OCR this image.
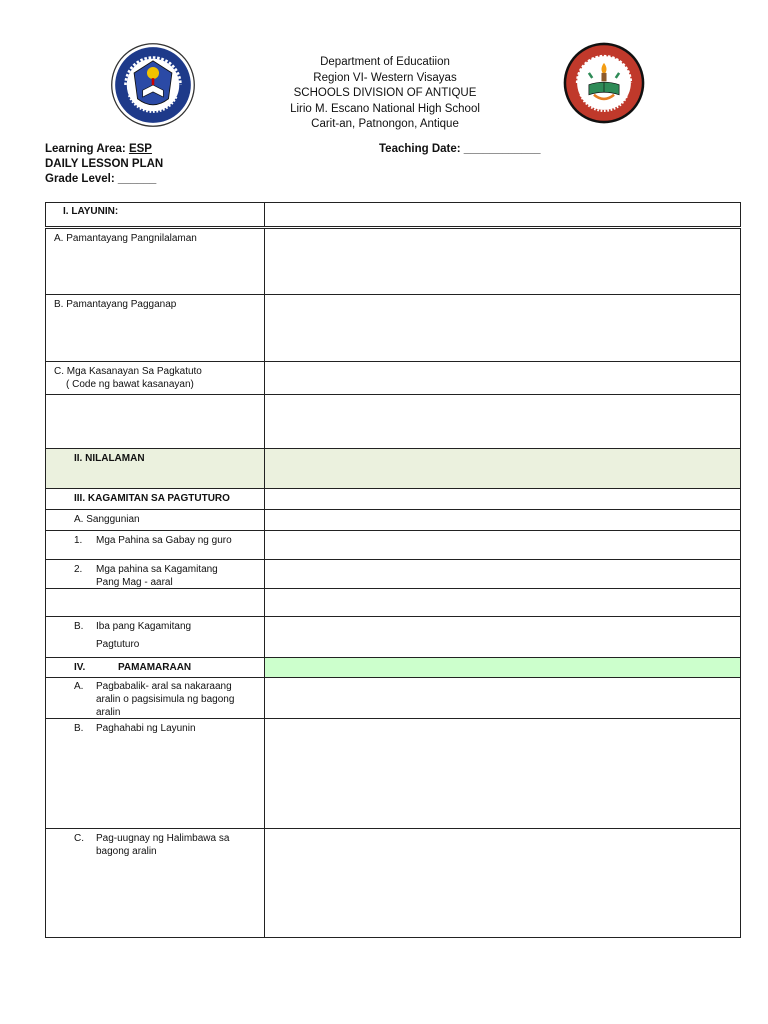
Department of Educatiion
Region VI- Western Visayas
SCHOOLS DIVISION OF ANTIQUE
Lirio M. Escano National High School
Carit-an, Patnongon, Antique
Learning Area: ESP
DAILY LESSON PLAN
Grade Level: ______
Teaching Date: ____________
I. LAYUNIN:
A. Pamantayang Pangnilalaman
B. Pamantayang Pagganap
C. Mga Kasanayan Sa Pagkatuto
( Code ng bawat kasanayan)
II. NILALAMAN
III. KAGAMITAN SA PAGTUTURO
A. Sanggunian
1. Mga Pahina sa Gabay ng guro
2. Mga pahina sa Kagamitang
Pang Mag - aaral
B. Iba pang Kagamitang
Pagtuturo
IV.	PAMAMARAAN
A.	Pagbabalik- aral sa nakaraang aralin o pagsisimula ng bagong aralin
B. Paghahabi ng Layunin
C.	Pag-uugnay ng Halimbawa sa bagong aralin
